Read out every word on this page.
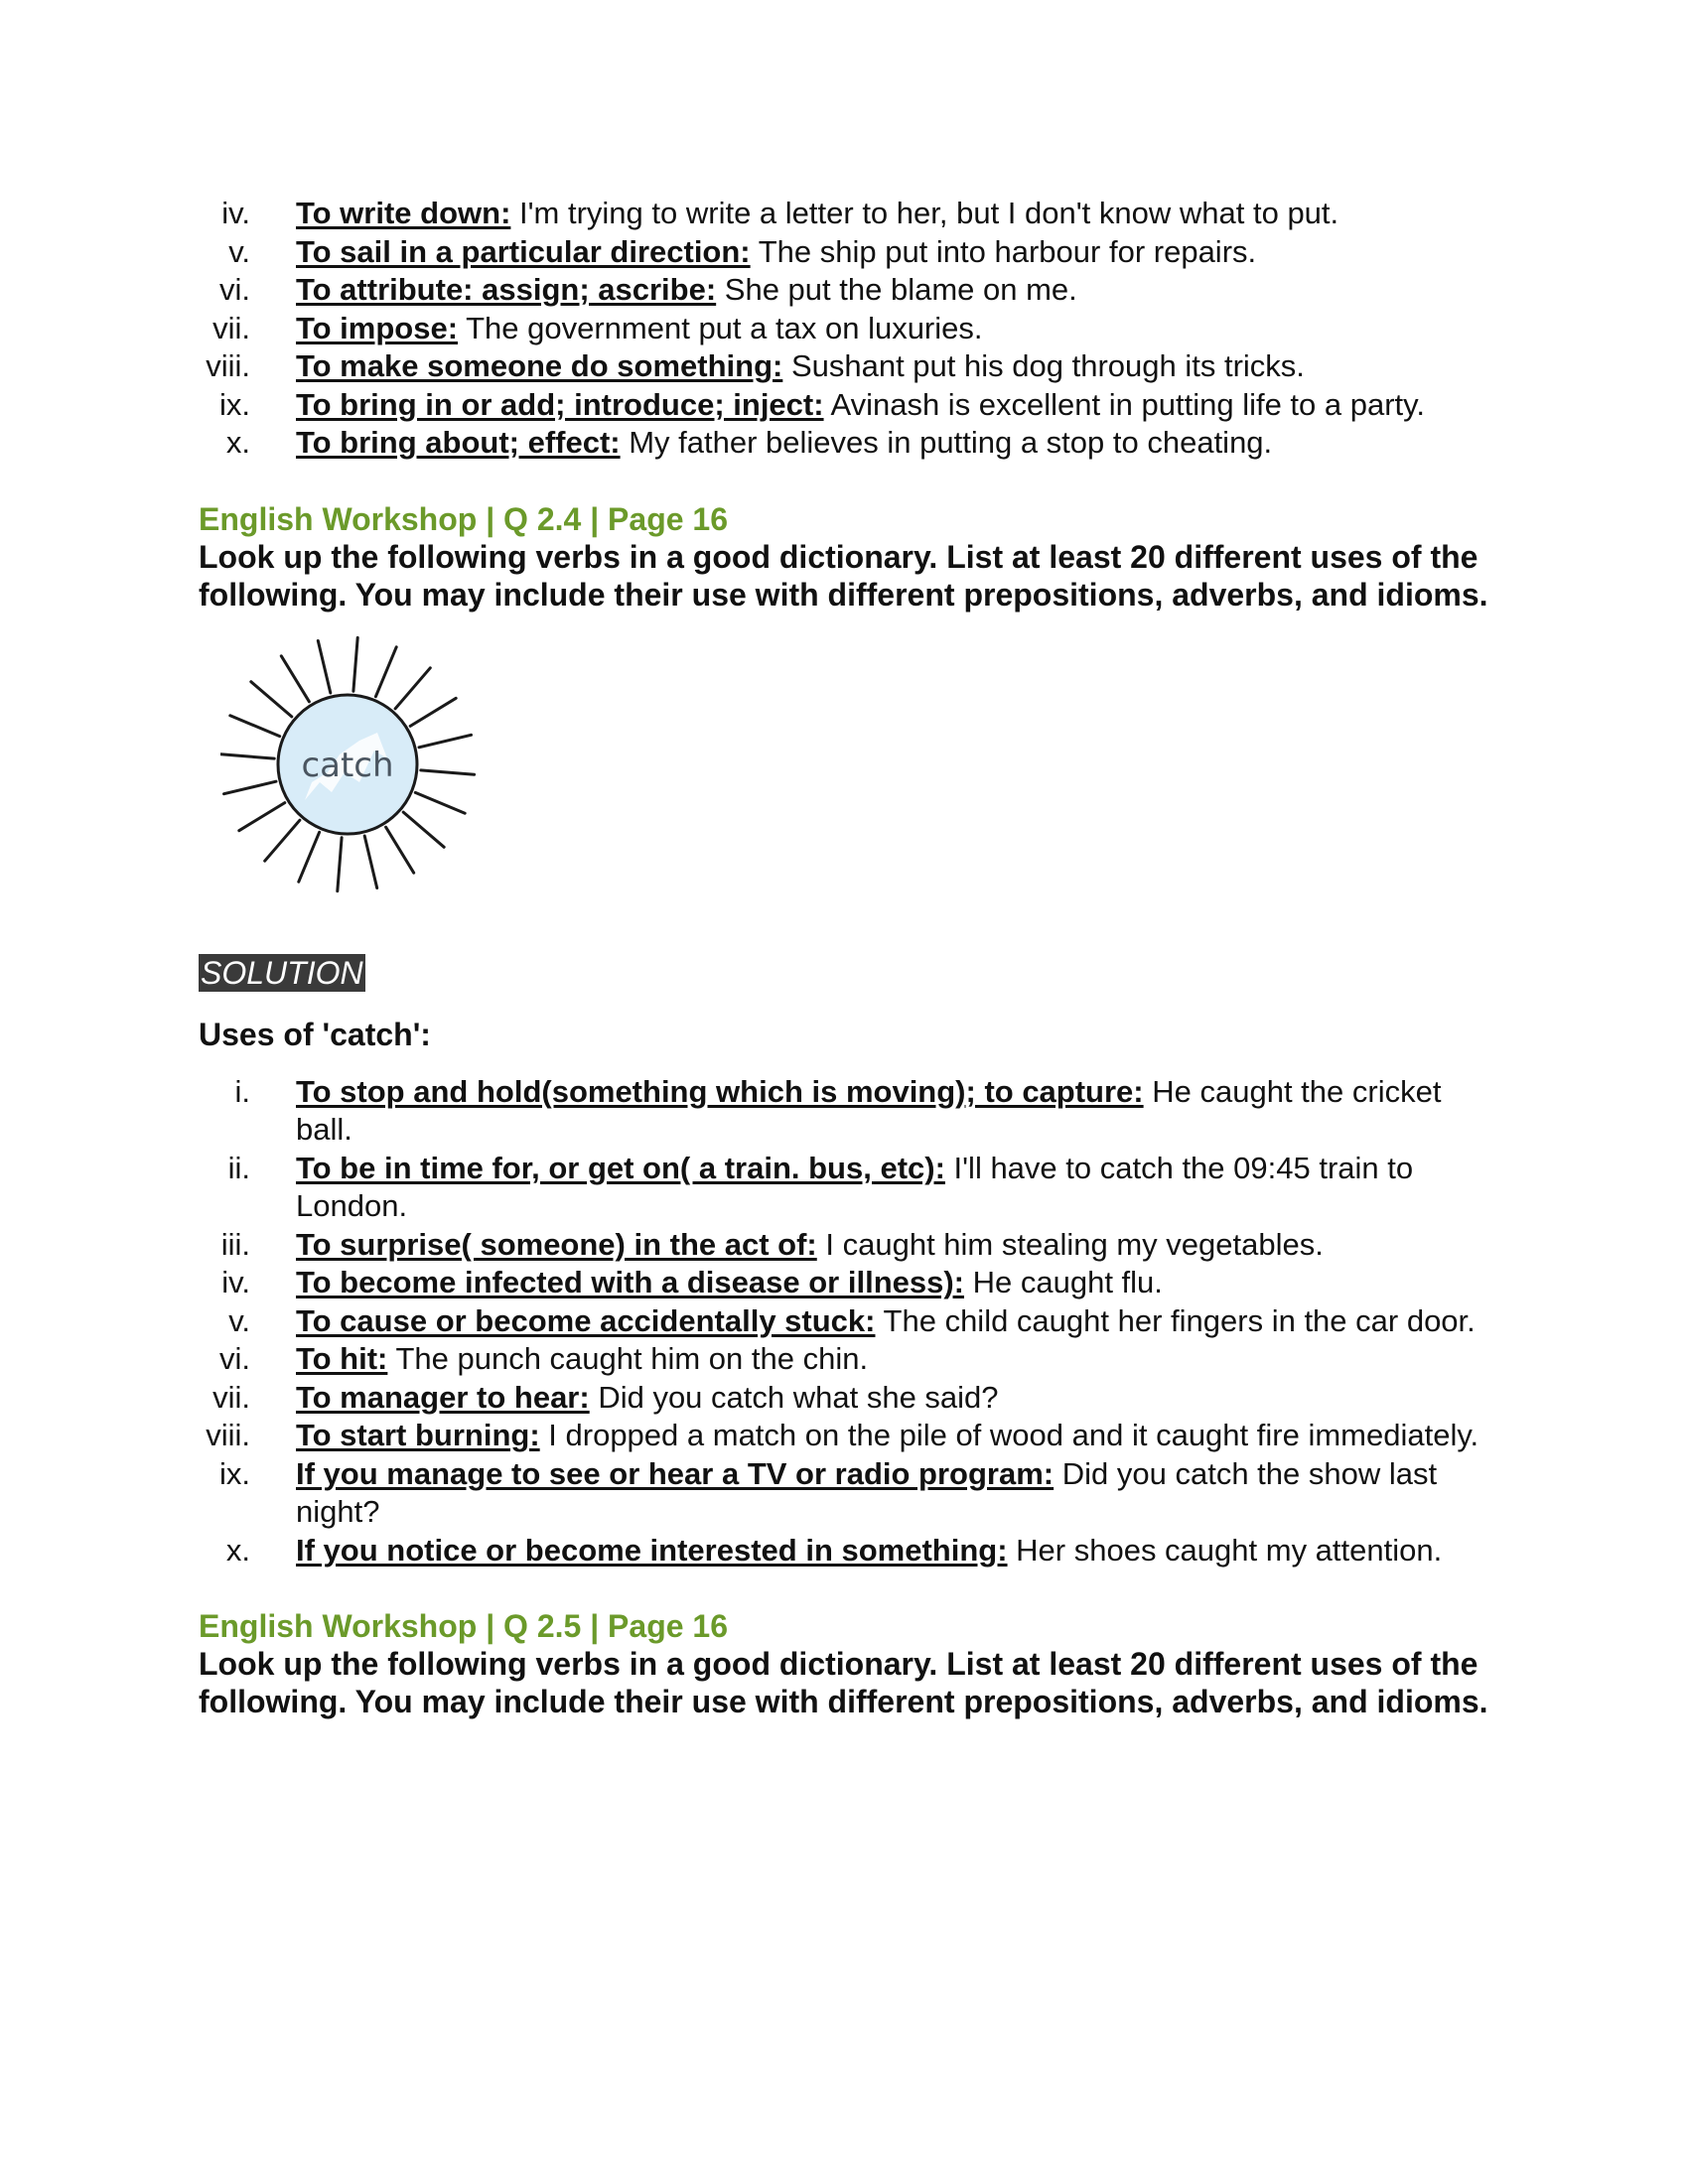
iv. To write down: I'm trying to write a letter to her, but I don't know what to put.
v. To sail in a particular direction: The ship put into harbour for repairs.
vi. To attribute: assign; ascribe: She put the blame on me.
vii. To impose: The government put a tax on luxuries.
viii. To make someone do something: Sushant put his dog through its tricks.
ix. To bring in or add; introduce; inject: Avinash is excellent in putting life to a party.
x. To bring about; effect: My father believes in putting a stop to cheating.

English Workshop | Q 2.4 | Page 16

Look up the following verbs in a good dictionary. List at least 20 different uses of the following. You may include their use with different prepositions, adverbs, and idioms.

catch
SOLUTION

Uses of 'catch':

i. To stop and hold(something which is moving); to capture: He caught the cricket ball.
ii. To be in time for, or get on( a train. bus, etc): I'll have to catch the 09:45 train to London.
iii. To surprise( someone) in the act of: I caught him stealing my vegetables.
iv. To become infected with a disease or illness): He caught flu.
v. To cause or become accidentally stuck: The child caught her fingers in the car door.
vi. To hit: The punch caught him on the chin.
vii. To manager to hear: Did you catch what she said?
viii. To start burning: I dropped a match on the pile of wood and it caught fire immediately.
ix. If you manage to see or hear a TV or radio program: Did you catch the show last night?
x. If you notice or become interested in something: Her shoes caught my attention.

English Workshop | Q 2.5 | Page 16

Look up the following verbs in a good dictionary. List at least 20 different uses of the following. You may include their use with different prepositions, adverbs, and idioms.
